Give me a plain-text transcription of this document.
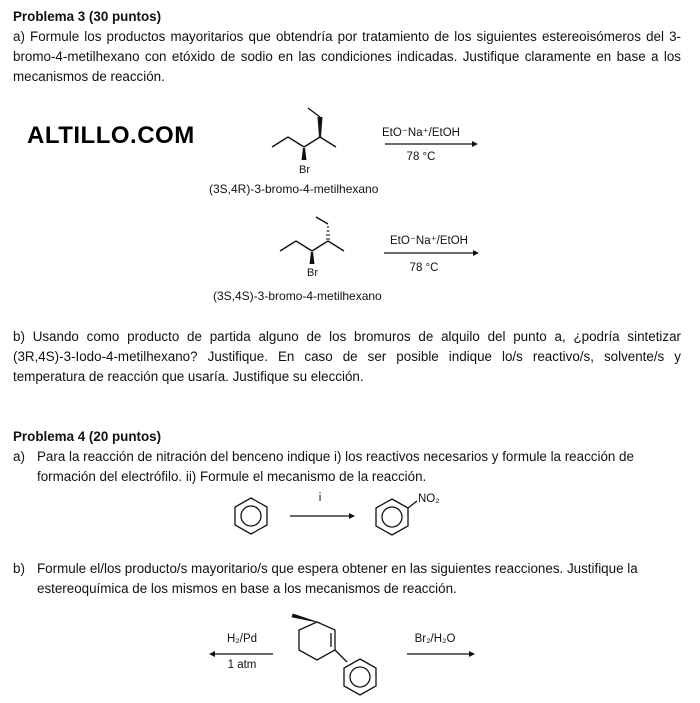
Problema 3 (30 puntos)
a) Formule los productos mayoritarios que obtendría por tratamiento de los siguientes estereoisómeros del 3-bromo-4-metilhexano con etóxido de sodio en las condiciones indicadas. Justifique claramente en base a los mecanismos de reacción.
ALTILLO.COM
Br
EtO⁻Na⁺/EtOH
78 °C
(3S,4R)-3-bromo-4-metilhexano
Br
EtO⁻Na⁺/EtOH
78 °C
(3S,4S)-3-bromo-4-metilhexano
b) Usando como producto de partida alguno de los bromuros de alquilo del punto a, ¿podría sintetizar (3R,4S)-3-Iodo-4-metilhexano? Justifique. En caso de ser posible indique lo/s reactivo/s, solvente/s y temperatura de reacción que usaría. Justifique su elección.
Problema 4 (20 puntos)
a) Para la reacción de nitración del benceno indique i) los reactivos necesarios y formule la reacción de formación del electrófilo. ii) Formule el mecanismo de la reacción.
i	NO₂
b) Formule el/los producto/s mayoritario/s que espera obtener en las siguientes reacciones. Justifique la estereoquímica de los mismos en base a los mecanismos de reacción.
H₂/Pd
1 atm
Br₂/H₂O
